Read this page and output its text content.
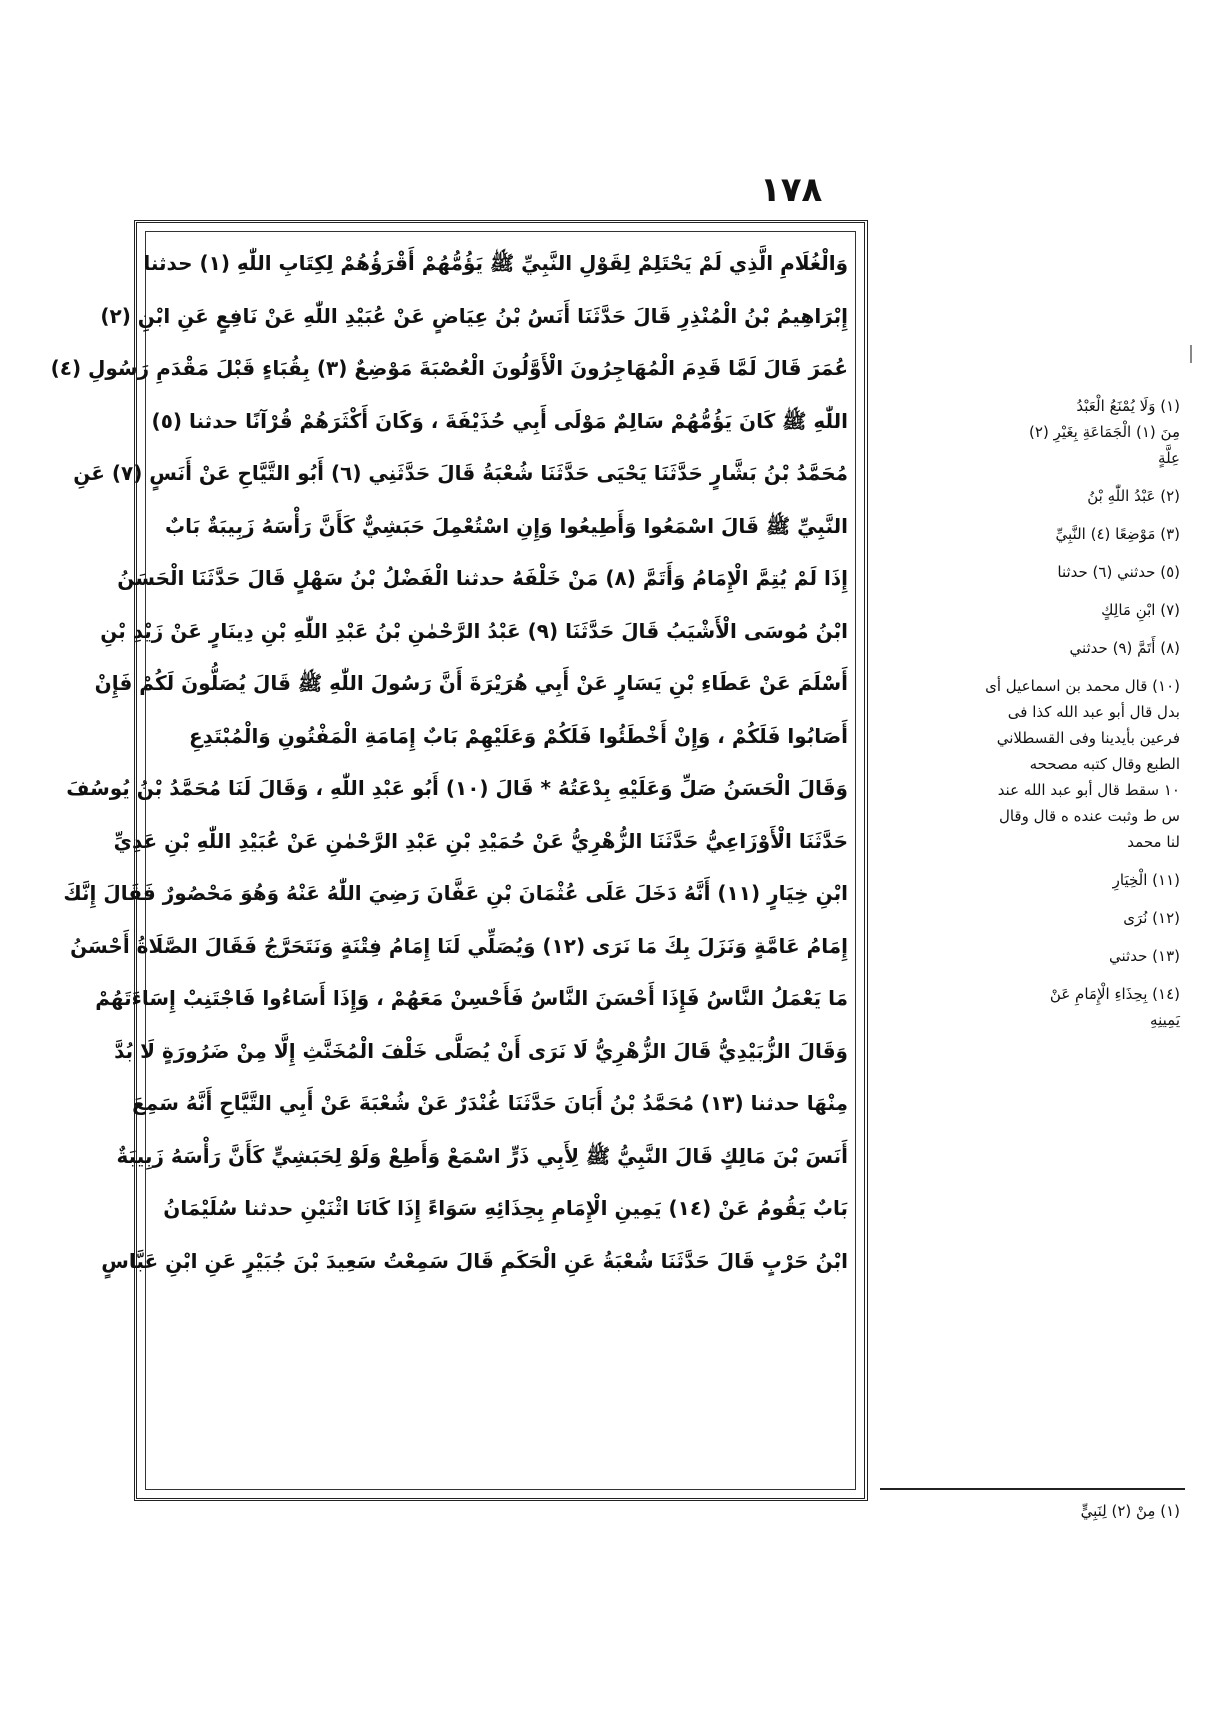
١٧٨
وَالْغُلَامِ الَّذِي لَمْ يَحْتَلِمْ لِقَوْلِ النَّبِيِّ ﷺ يَؤُمُّهُمْ أَقْرَؤُهُمْ لِكِتَابِ اللّٰهِ (١) حدثنا
إِبْرَاهِيمُ بْنُ الْمُنْذِرِ قَالَ حَدَّثَنَا أَنَسُ بْنُ عِيَاضٍ عَنْ عُبَيْدِ اللّٰهِ عَنْ نَافِعٍ عَنِ ابْنِ (٢)
عُمَرَ قَالَ لَمَّا قَدِمَ الْمُهَاجِرُونَ الْأَوَّلُونَ الْعُصْبَةَ مَوْضِعٌ (٣) بِقُبَاءٍ قَبْلَ مَقْدَمِ رَسُولِ (٤)
اللّٰهِ ﷺ كَانَ يَؤُمُّهُمْ سَالِمٌ مَوْلَى أَبِي حُذَيْفَةَ ، وَكَانَ أَكْثَرَهُمْ قُرْآنًا حدثنا (٥)
مُحَمَّدُ بْنُ بَشَّارٍ حَدَّثَنَا يَحْيَى حَدَّثَنَا شُعْبَةُ قَالَ حَدَّثَنِي (٦) أَبُو التَّيَّاحِ عَنْ أَنَسٍ (٧) عَنِ
النَّبِيِّ ﷺ قَالَ اسْمَعُوا وَأَطِيعُوا وَإِنِ اسْتُعْمِلَ حَبَشِيٌّ كَأَنَّ رَأْسَهُ زَبِيبَةٌ بَابٌ
إِذَا لَمْ يُتِمَّ الْإِمَامُ وَأَتَمَّ (٨) مَنْ خَلْفَهُ حدثنا الْفَضْلُ بْنُ سَهْلٍ قَالَ حَدَّثَنَا الْحَسَنُ
ابْنُ مُوسَى الْأَشْيَبُ قَالَ حَدَّثَنَا (٩) عَبْدُ الرَّحْمٰنِ بْنُ عَبْدِ اللّٰهِ بْنِ دِينَارٍ عَنْ زَيْدِ بْنِ
أَسْلَمَ عَنْ عَطَاءِ بْنِ يَسَارٍ عَنْ أَبِي هُرَيْرَةَ أَنَّ رَسُولَ اللّٰهِ ﷺ قَالَ يُصَلُّونَ لَكُمْ فَإِنْ
أَصَابُوا فَلَكُمْ ، وَإِنْ أَخْطَئُوا فَلَكُمْ وَعَلَيْهِمْ بَابٌ إِمَامَةِ الْمَفْتُونِ وَالْمُبْتَدِعِ
وَقَالَ الْحَسَنُ صَلِّ وَعَلَيْهِ بِدْعَتُهُ * قَالَ (١٠) أَبُو عَبْدِ اللّٰهِ ، وَقَالَ لَنَا مُحَمَّدُ بْنُ يُوسُفَ
حَدَّثَنَا الْأَوْزَاعِيُّ حَدَّثَنَا الزُّهْرِيُّ عَنْ حُمَيْدِ بْنِ عَبْدِ الرَّحْمٰنِ عَنْ عُبَيْدِ اللّٰهِ بْنِ عَدِيِّ
ابْنِ خِيَارٍ (١١) أَنَّهُ دَخَلَ عَلَى عُثْمَانَ بْنِ عَفَّانَ رَضِيَ اللّٰهُ عَنْهُ وَهُوَ مَحْصُورٌ فَقَالَ إِنَّكَ
إِمَامُ عَامَّةٍ وَنَزَلَ بِكَ مَا نَرَى (١٢) وَيُصَلِّي لَنَا إِمَامُ فِتْنَةٍ وَنَتَحَرَّجُ فَقَالَ الصَّلَاةُ أَحْسَنُ
مَا يَعْمَلُ النَّاسُ فَإِذَا أَحْسَنَ النَّاسُ فَأَحْسِنْ مَعَهُمْ ، وَإِذَا أَسَاءُوا فَاجْتَنِبْ إِسَاءَتَهُمْ
وَقَالَ الزُّبَيْدِيُّ قَالَ الزُّهْرِيُّ لَا نَرَى أَنْ يُصَلَّى خَلْفَ الْمُخَنَّثِ إِلَّا مِنْ ضَرُورَةٍ لَا بُدَّ
مِنْهَا حدثنا (١٣) مُحَمَّدُ بْنُ أَبَانَ حَدَّثَنَا غُنْدَرٌ عَنْ شُعْبَةَ عَنْ أَبِي التَّيَّاحِ أَنَّهُ سَمِعَ
أَنَسَ بْنَ مَالِكٍ قَالَ النَّبِيُّ ﷺ لِأَبِي ذَرٍّ اسْمَعْ وَأَطِعْ وَلَوْ لِحَبَشِيٍّ كَأَنَّ رَأْسَهُ زَبِيبَةٌ
بَابٌ يَقُومُ عَنْ (١٤) يَمِينِ الْإِمَامِ بِحِذَائِهِ سَوَاءً إِذَا كَانَا اثْنَيْنِ حدثنا سُلَيْمَانُ
ابْنُ حَرْبٍ قَالَ حَدَّثَنَا شُعْبَةُ عَنِ الْحَكَمِ قَالَ سَمِعْتُ سَعِيدَ بْنَ جُبَيْرٍ عَنِ ابْنِ عَبَّاسٍ
(١) وَلَا يُمْنَعُ الْعَبْدُ
مِنَ (١) الْجَمَاعَةِ بِغَيْرِ (٢)
عِلَّةٍ
(٢) عَبْدُ اللّٰهِ بْنُ
(٣) مَوْضِعًا (٤) النَّبِيِّ
(٥) حدثني (٦) حدثنا
(٧) ابْنِ مَالِكٍ
(٨) أَتَمَّ (٩) حدثني
(١٠) قال محمد بن اسماعيل أى
بدل قال أبو عبد الله كذا فى
فرعين بأيدينا وفى القسطلاني
الطبع وقال كتبه مصححه
١٠ سقط قال أبو عبد الله عند
س ط وثبت عنده ه قال وقال
لنا محمد
(١١) الْخِيَارِ
(١٢) نُرَى
(١٣) حدثني
(١٤) بِحِذَاءِ الْإِمَامِ عَنْ
يَمِينِهِ
(١) مِنْ (٢) لِنَبِيٍّ
